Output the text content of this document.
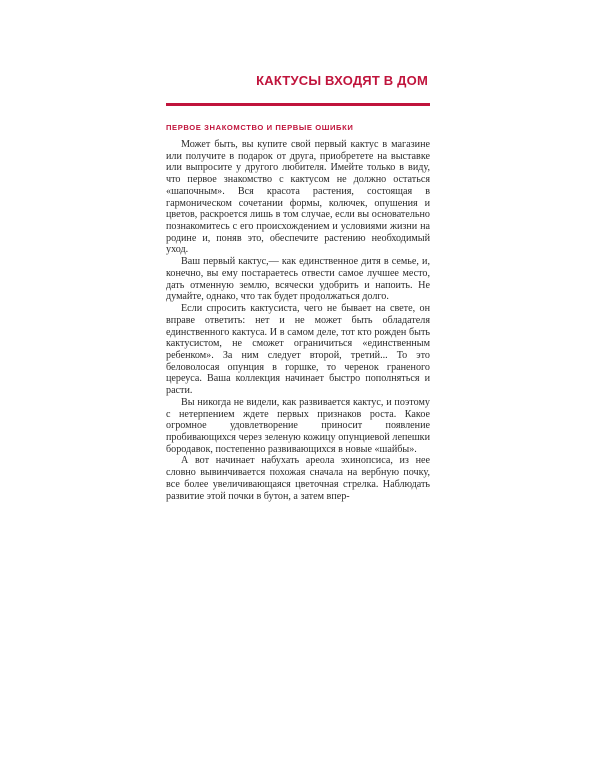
КАКТУСЫ ВХОДЯТ В ДОМ
ПЕРВОЕ ЗНАКОМСТВО И ПЕРВЫЕ ОШИБКИ

Может быть, вы купите свой первый кактус в магазине или получите в подарок от друга, приобретете на выставке или выпросите у другого любителя. Имейте только в виду, что первое знакомство с кактусом не должно остаться «шапочным». Вся красота растения, состоящая в гармоническом сочетании формы, колючек, опушения и цветов, раскроется лишь в том случае, если вы основательно познакомитесь с его происхождением и условиями жизни на родине и, поняв это, обеспечите растению необходимый уход.

Ваш первый кактус,— как единственное дитя в семье, и, конечно, вы ему постараетесь отвести самое лучшее место, дать отменную землю, всячески удобрить и напоить. Не думайте, однако, что так будет продолжаться долго.

Если спросить кактусиста, чего не бывает на свете, он вправе ответить: нет и не может быть обладателя единственного кактуса. И в самом деле, тот кто рожден быть кактусистом, не сможет ограничиться «единственным ребенком». За ним следует второй, третий... То это беловолосая опунция в горшке, то черенок граненого цереуса. Ваша коллекция начинает быстро пополняться и расти.

Вы никогда не видели, как развивается кактус, и поэтому с нетерпением ждете первых признаков роста. Какое огромное удовлетворение приносит появление пробивающихся через зеленую кожицу опунциевой лепешки бородавок, постепенно развивающихся в новые «шайбы».

А вот начинает набухать ареола эхинопсиса, из нее словно вывинчивается похожая сначала на вербную почку, все более увеличивающаяся цветочная стрелка. Наблюдать развитие этой почки в бутон, а затем впер-
